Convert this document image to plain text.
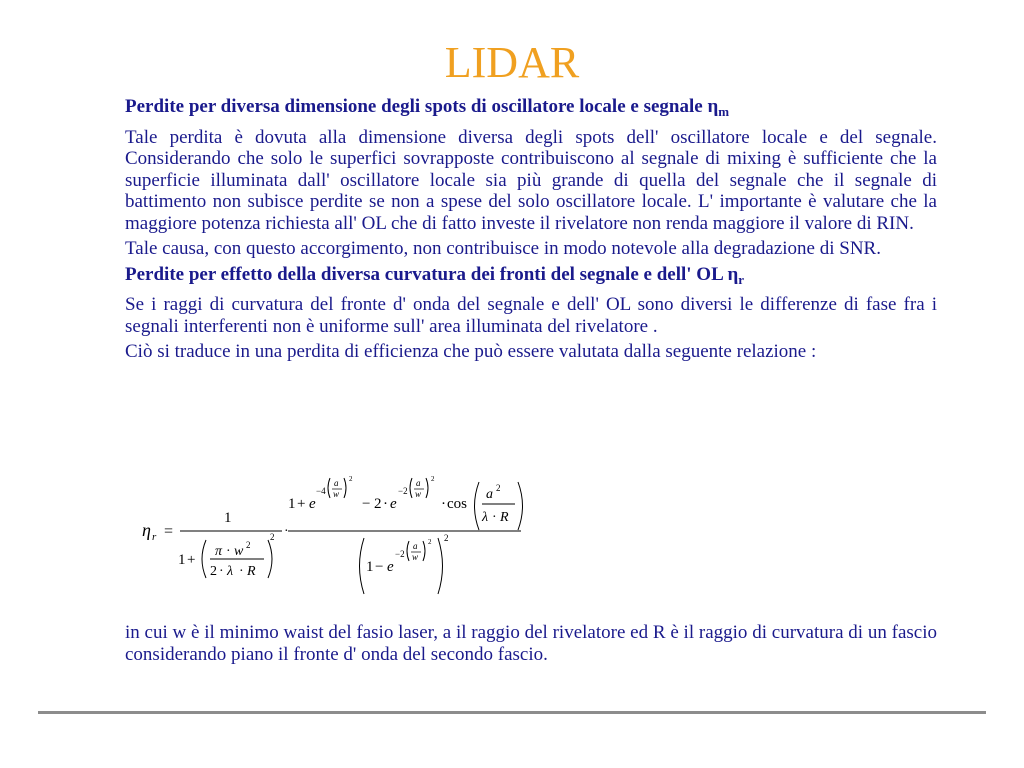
LIDAR

Perdite per diversa dimensione degli spots di oscillatore locale e segnale $\eta_m$

Tale perdita è dovuta alla dimensione diversa degli spots dell' oscillatore locale e del segnale. Considerando che solo le superfici sovrapposte contribuiscono al segnale di mixing è sufficiente che la superficie illuminata dall' oscillatore locale sia più grande di quella del segnale che il segnale di battimento non subisce perdite se non a spese del solo oscillatore locale. L' importante è valutare che la maggiore potenza richiesta all' OL che di fatto investe il rivelatore non renda maggiore il valore di RIN.

Tale causa, con questo accorgimento, non contribuisce in modo notevole alla degradazione di SNR.

Perdite per effetto della diversa curvatura dei fronti del segnale e dell' OL $\eta_r$

Se i raggi di curvatura del fronte d' onda del segnale e dell' OL sono diversi le differenze di fase fra i segnali interferenti non è uniforme sull' area illuminata del rivelatore .

Ciò si traduce in una perdita di efficienza che può essere valutata dalla seguente relazione :

η r =
1
1 +
π · w 2
2 · λ · R
2 ·
1 + e
−4
a
w
2
− 2 · e
−2
a
w
2
· cos
a 2
λ · R
1 − e
−2
a
w
2 2

in cui w è il minimo waist del fasio laser, a il raggio del rivelatore ed R è il raggio di curvatura di un fascio considerando piano il fronte d' onda del secondo fascio.
